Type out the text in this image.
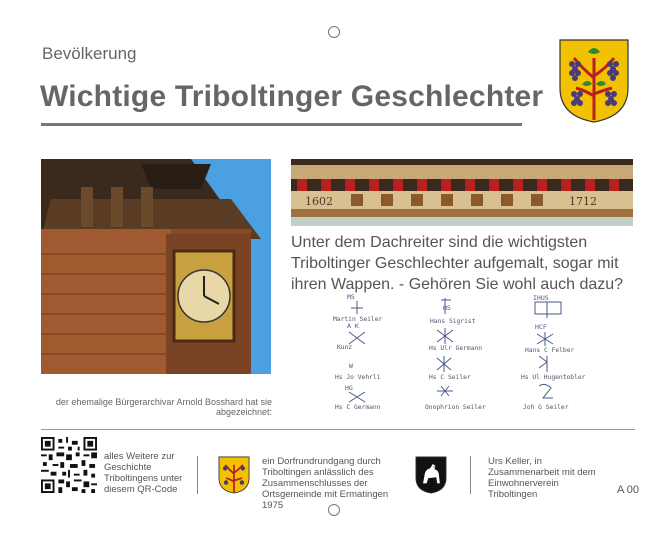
Bevölkerung
Wichtige Triboltinger Geschlechter
1602	1712
der ehemalige Bürgerarchivar Arnold Bosshard hat sie abgezeichnet:
Unter dem Dachreiter sind die wichtigsten Triboltinger Geschlechter aufgemalt, sogar mit ihren Wappen. - Gehören Sie wohl auch dazu?
MS
Martin Seiler
HS
Hans Sigrist
IHUS
HCF
A K
Kunz	Hs Ulr Germann	Hans C Felber
W
Hs Jo Vehrli	Hs C Seiler	Hs Ul Hugentobler
HG
Hs C Germann	Onophrion Seiler	Joh G Seiler
alles Weitere zur Geschichte Triboltingens unter diesem QR-Code
ein Dorfrundrundgang durch Triboltingen anlässlich des Zusammenschlusses der Ortsgemeinde mit Ermatingen 1975
Urs Keller, in Zusammenarbeit mit dem Einwohnerverein Triboltingen	A 00
